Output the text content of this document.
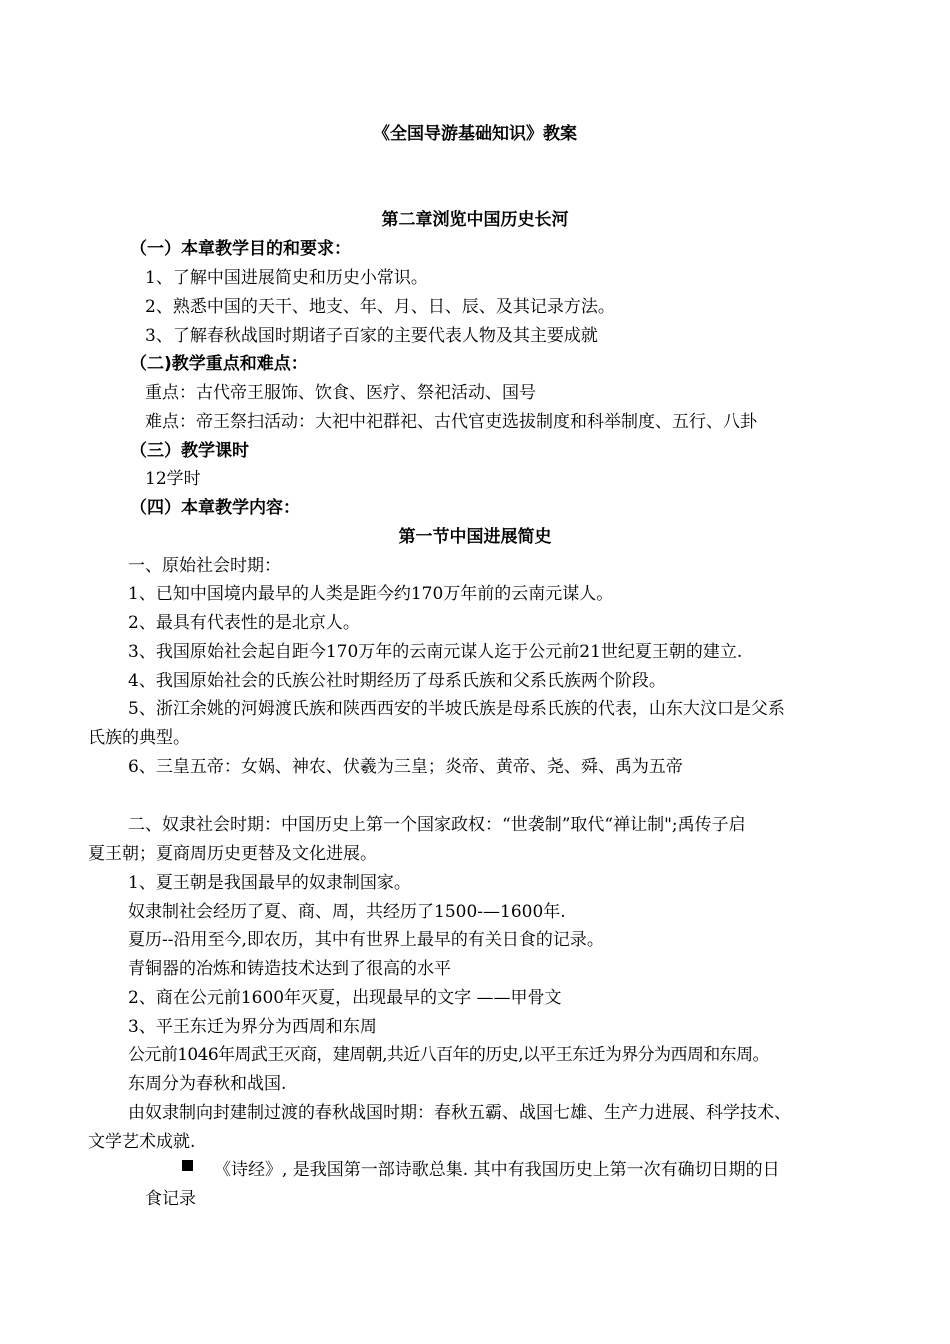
《全国导游基础知识》教案
第二章浏览中国历史长河
（一）本章教学目的和要求：
1、了解中国进展简史和历史小常识。
2、熟悉中国的天干、地支、年、月、日、辰、及其记录方法。
3、了解春秋战国时期诸子百家的主要代表人物及其主要成就
（二)教学重点和难点：
重点：古代帝王服饰、饮食、医疗、祭祀活动、国号
难点：帝王祭扫活动：大祀中祀群祀、古代官吏选拔制度和科举制度、五行、八卦
（三）教学课时
12学时
（四）本章教学内容：
第一节中国进展简史
一、原始社会时期：
1、已知中国境内最早的人类是距今约170万年前的云南元谋人。
2、最具有代表性的是北京人。
3、我国原始社会起自距今170万年的云南元谋人迄于公元前21世纪夏王朝的建立.
4、我国原始社会的氏族公社时期经历了母系氏族和父系氏族两个阶段。
5、浙江余姚的河姆渡氏族和陕西西安的半坡氏族是母系氏族的代表，山东大汶口是父系
氏族的典型。
6、三皇五帝：女娲、神农、伏羲为三皇；炎帝、黄帝、尧、舜、禹为五帝
二、奴隶社会时期：中国历史上第一个国家政权：“世袭制”取代“禅让制";禹传子启
夏王朝；夏商周历史更替及文化进展。
1、夏王朝是我国最早的奴隶制国家。
奴隶制社会经历了夏、商、周，共经历了1500-—1600年.
夏历--沿用至今,即农历，其中有世界上最早的有关日食的记录。
青铜器的冶炼和铸造技术达到了很高的水平
2、商在公元前1600年灭夏，出现最早的文字 ——甲骨文
3、平王东迁为界分为西周和东周
公元前1046年周武王灭商，建周朝,共近八百年的历史,以平王东迁为界分为西周和东周。
东周分为春秋和战国.
由奴隶制向封建制过渡的春秋战国时期：春秋五霸、战国七雄、生产力进展、科学技术、
文学艺术成就.
《诗经》, 是我国第一部诗歌总集. 其中有我国历史上第一次有确切日期的日
食记录
